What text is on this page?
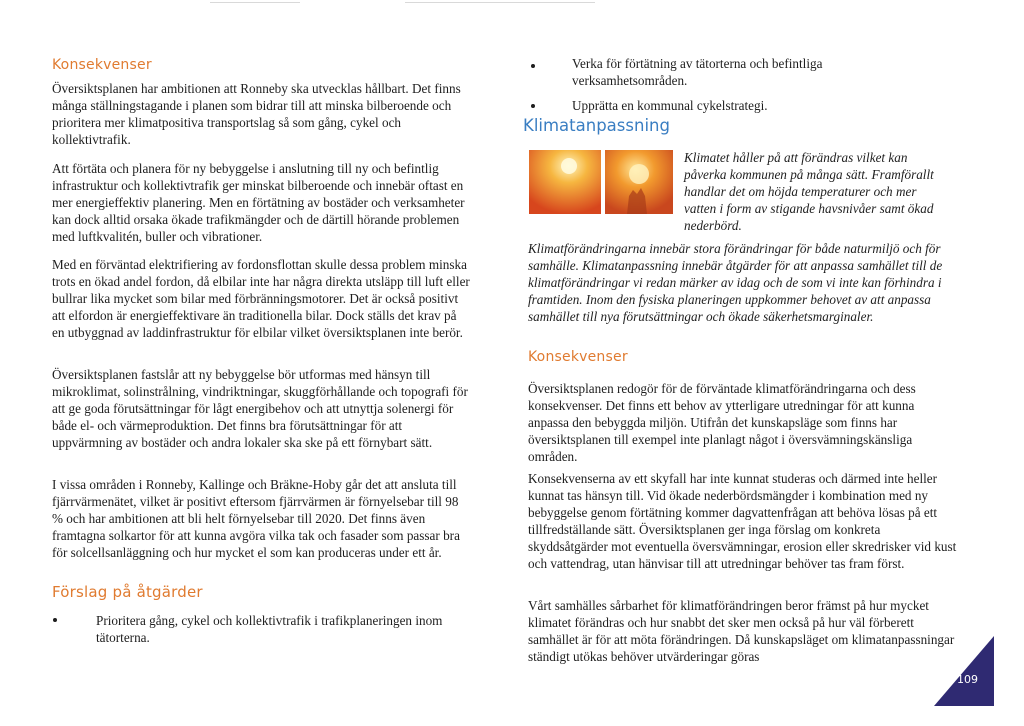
Konsekvenser

Översiktsplanen har ambitionen att Ronneby ska utvecklas hållbart. Det finns många ställningstagande i planen som bidrar till att minska bilberoende och prioritera mer klimatpositiva transportslag så som gång, cykel och kollektivtrafik.

Att förtäta och planera för ny bebyggelse i anslutning till ny och befintlig infrastruktur och kollektivtrafik ger minskat bilberoende och innebär oftast en mer energieffektiv planering. Men en förtätning av bostäder och verksamheter kan dock alltid orsaka ökade trafikmängder och de därtill hörande problemen med luftkvalitén, buller och vibrationer.

Med en förväntad elektrifiering av fordonsflottan skulle dessa problem minska trots en ökad andel fordon, då elbilar inte har några direkta utsläpp till luft eller bullrar lika mycket som bilar med förbränningsmotorer. Det är också positivt att elfordon är energieffektivare än traditionella bilar. Dock ställs det krav på en utbyggnad av laddinfrastruktur för elbilar vilket översiktsplanen inte berör.

Översiktsplanen fastslår att ny bebyggelse bör utformas med hänsyn till mikroklimat, solinstrålning, vindriktningar, skuggförhållande och topografi för att ge goda förutsättningar för lågt energibehov och att utnyttja solenergi för både el- och värmeproduktion. Det finns bra förutsättningar för att uppvärmning av bostäder och andra lokaler ska ske på ett förnybart sätt.

I vissa områden i Ronneby, Kallinge och Bräkne-Hoby går det att ansluta till fjärrvärmenätet, vilket är positivt eftersom fjärrvärmen är förnyelsebar till 98 % och har ambitionen att bli helt förnyelsebar till 2020. Det finns även framtagna solkartor för att kunna avgöra vilka tak och fasader som passar bra för solcellsanläggning och hur mycket el som kan produceras under ett år.

Förslag på åtgärder

Prioritera gång, cykel och kollektivtrafik i trafikplaneringen inom tätorterna.

Verka för förtätning av tätorterna och befintliga verksamhetsområden.

Upprätta en kommunal cykelstrategi.

Klimatanpassning

Klimatet håller på att förändras vilket kan påverka kommunen på många sätt. Framförallt handlar det om höjda temperaturer och mer vatten i form av stigande havsnivåer samt ökad nederbörd.

Klimatförändringarna innebär stora förändringar för både naturmiljö och för samhälle. Klimatanpassning innebär åtgärder för att anpassa samhället till de klimatförändringar vi redan märker av idag och de som vi inte kan förhindra i framtiden. Inom den fysiska planeringen uppkommer behovet av att anpassa samhället till nya förutsättningar och ökade säkerhetsmarginaler.

Konsekvenser

Översiktsplanen redogör för de förväntade klimatförändringarna och dess konsekvenser. Det finns ett behov av ytterligare utredningar för att kunna anpassa den bebyggda miljön. Utifrån det kunskapsläge som finns har översiktsplanen till exempel inte planlagt något i översvämningskänsliga områden.

Konsekvenserna av ett skyfall har inte kunnat studeras och därmed inte heller kunnat tas hänsyn till. Vid ökade nederbördsmängder i kombination med ny bebyggelse genom förtätning kommer dagvattenfrågan att behöva lösas på ett tillfredställande sätt. Översiktsplanen ger inga förslag om konkreta skyddsåtgärder mot eventuella översvämningar, erosion eller skredrisker vid kust och vattendrag, utan hänvisar till att utredningar behöver tas fram först.

Vårt samhälles sårbarhet för klimatförändringen beror främst på hur mycket klimatet förändras och hur snabbt det sker men också på hur väl förberett samhället är för att möta förändringen. Då kunskapsläget om klimatanpassningar ständigt utökas behöver utvärderingar göras

109
